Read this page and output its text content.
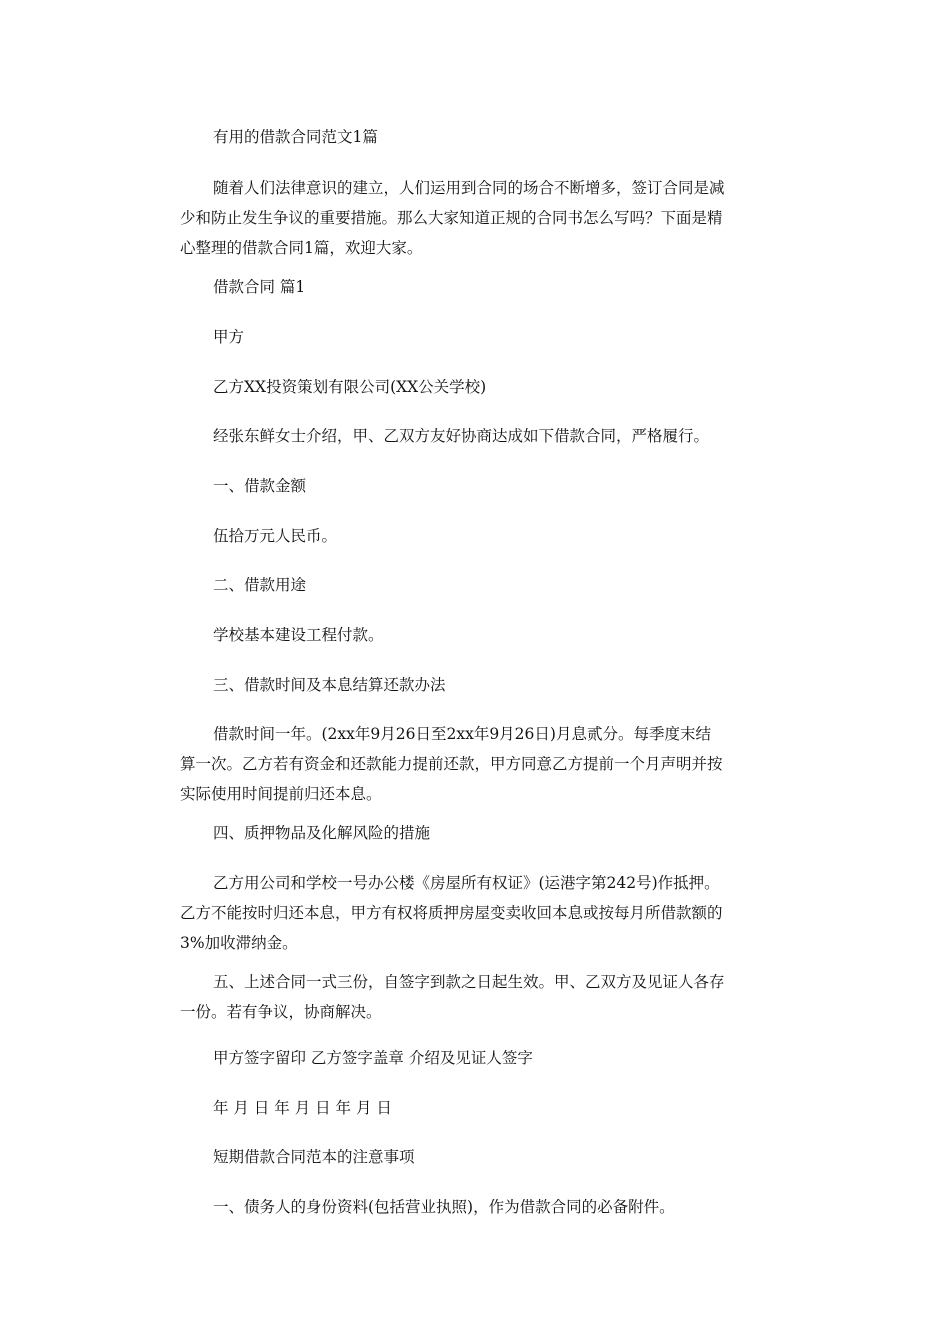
有用的借款合同范文1篇

随着人们法律意识的建立，人们运用到合同的场合不断增多，签订合同是减
少和防止发生争议的重要措施。那么大家知道正规的合同书怎么写吗？下面是精
心整理的借款合同1篇，欢迎大家。

借款合同 篇1

甲方

乙方XX投资策划有限公司(XX公关学校)

经张东鲜女士介绍，甲、乙双方友好协商达成如下借款合同，严格履行。

一、借款金额

伍拾万元人民币。

二、借款用途

学校基本建设工程付款。

三、借款时间及本息结算还款办法

借款时间一年。(2xx年9月26日至2xx年9月26日)月息贰分。每季度末结
算一次。乙方若有资金和还款能力提前还款，甲方同意乙方提前一个月声明并按
实际使用时间提前归还本息。

四、质押物品及化解风险的措施

乙方用公司和学校一号办公楼《房屋所有权证》(运港字第242号)作抵押。
乙方不能按时归还本息，甲方有权将质押房屋变卖收回本息或按每月所借款额的
3%加收滞纳金。

五、上述合同一式三份，自签字到款之日起生效。甲、乙双方及见证人各存
一份。若有争议，协商解决。

甲方签字留印 乙方签字盖章 介绍及见证人签字

年 月 日 年 月 日 年 月 日

短期借款合同范本的注意事项

一、债务人的身份资料(包括营业执照)，作为借款合同的必备附件。
